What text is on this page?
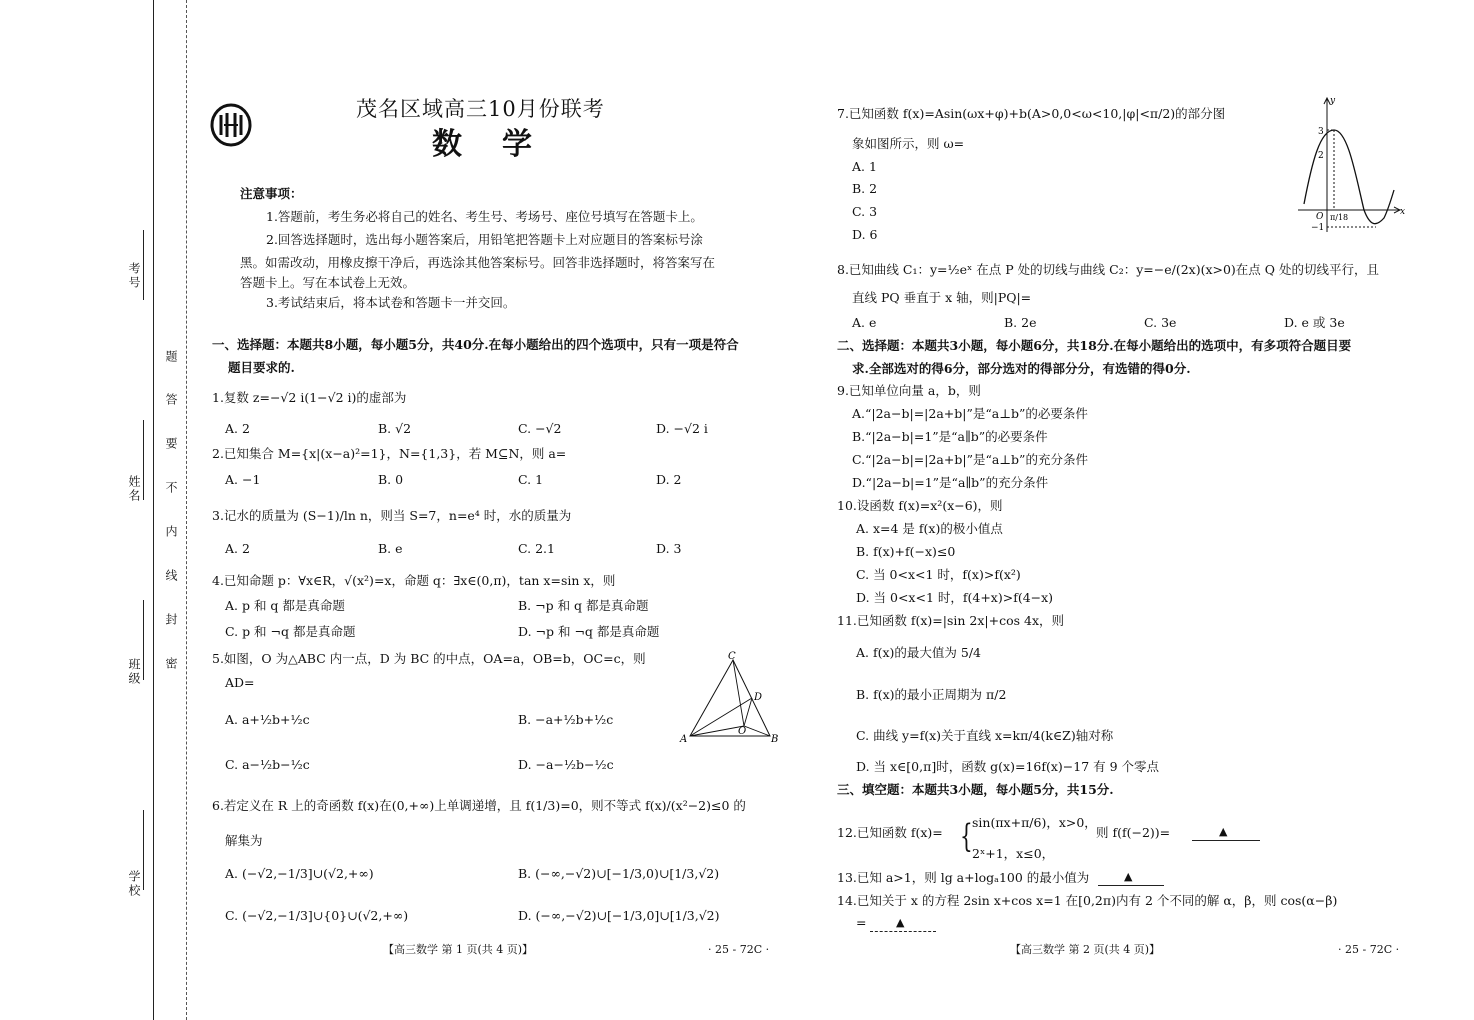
考号
姓名
班级
学校
题
答
要
不
内
线
封
密
茂名区域高三10月份联考
数学
注意事项：
1.答题前，考生务必将自己的姓名、考生号、考场号、座位号填写在答题卡上。
2.回答选择题时，选出每小题答案后，用铅笔把答题卡上对应题目的答案标号涂
黑。如需改动，用橡皮擦干净后，再选涂其他答案标号。回答非选择题时，将答案写在
答题卡上。写在本试卷上无效。
3.考试结束后，将本试卷和答题卡一并交回。
一、选择题：本题共8小题，每小题5分，共40分.在每小题给出的四个选项中，只有一项是符合
题目要求的.
1.复数 z=−√2 i(1−√2 i)的虚部为
A. 2	B. √2	C. −√2	D. −√2 i
2.已知集合 M={x|(x−a)²=1}，N={1,3}，若 M⊆N，则 a=
A. −1	B. 0	C. 1	D. 2
3.记水的质量为 (S−1)/ln n，则当 S=7，n=e⁴ 时，水的质量为
A. 2	B. e	C. 2.1	D. 3
4.已知命题 p：∀x∈R，√(x²)=x，命题 q：∃x∈(0,π)，tan x=sin x，则
A. p 和 q 都是真命题	B. ¬p 和 q 都是真命题
C. p 和 ¬q 都是真命题	D. ¬p 和 ¬q 都是真命题
5.如图，O 为△ABC 内一点，D 为 BC 的中点，OA=a，OB=b，OC=c，则
AD=
A. a+½b+½c	B. −a+½b+½c
C. a−½b−½c	D. −a−½b−½c
C
A	B
D
O
6.若定义在 R 上的奇函数 f(x)在(0,+∞)上单调递增，且 f(1/3)=0，则不等式 f(x)/(x²−2)≤0 的
解集为
A. (−√2,−1/3]∪(√2,+∞)	B. (−∞,−√2)∪[−1/3,0)∪[1/3,√2)
C. (−√2,−1/3]∪{0}∪(√2,+∞)	D. (−∞,−√2)∪[−1/3,0]∪[1/3,√2)
【高三数学 第 1 页(共 4 页)】	· 25 - 72C ·
7.已知函数 f(x)=Asin(ωx+φ)+b(A>0,0<ω<10,|φ|<π/2)的部分图
象如图所示，则 ω=
A. 1
B. 2
C. 3
D. 6
y
x
O
3
2
−1
π/18
8.已知曲线 C₁：y=½eˣ 在点 P 处的切线与曲线 C₂：y=−e/(2x)(x>0)在点 Q 处的切线平行，且
直线 PQ 垂直于 x 轴，则|PQ|=
A. e	B. 2e	C. 3e	D. e 或 3e
二、选择题：本题共3小题，每小题6分，共18分.在每小题给出的选项中，有多项符合题目要
求.全部选对的得6分，部分选对的得部分分，有选错的得0分.
9.已知单位向量 a，b，则
A.“|2a−b|=|2a+b|”是“a⊥b”的必要条件
B.“|2a−b|=1”是“a∥b”的必要条件
C.“|2a−b|=|2a+b|”是“a⊥b”的充分条件
D.“|2a−b|=1”是“a∥b”的充分条件
10.设函数 f(x)=x²(x−6)，则
A. x=4 是 f(x)的极小值点
B. f(x)+f(−x)≤0
C. 当 0<x<1 时，f(x)>f(x²)
D. 当 0<x<1 时，f(4+x)>f(4−x)
11.已知函数 f(x)=|sin 2x|+cos 4x，则
A. f(x)的最大值为 5/4
B. f(x)的最小正周期为 π/2
C. 曲线 y=f(x)关于直线 x=kπ/4(k∈Z)轴对称
D. 当 x∈[0,π]时，函数 g(x)=16f(x)−17 有 9 个零点
三、填空题：本题共3小题，每小题5分，共15分.
12.已知函数 f(x)= { sin(πx+π/6)，x>0，
2ˣ+1，x≤0，
则 f(f(−2))=	▲
13.已知 a>1，则 lg a+logₐ100 的最小值为	▲
14.已知关于 x 的方程 2sin x+cos x=1 在[0,2π)内有 2 个不同的解 α，β，则 cos(α−β)
=	▲
【高三数学 第 2 页(共 4 页)】	· 25 - 72C ·
